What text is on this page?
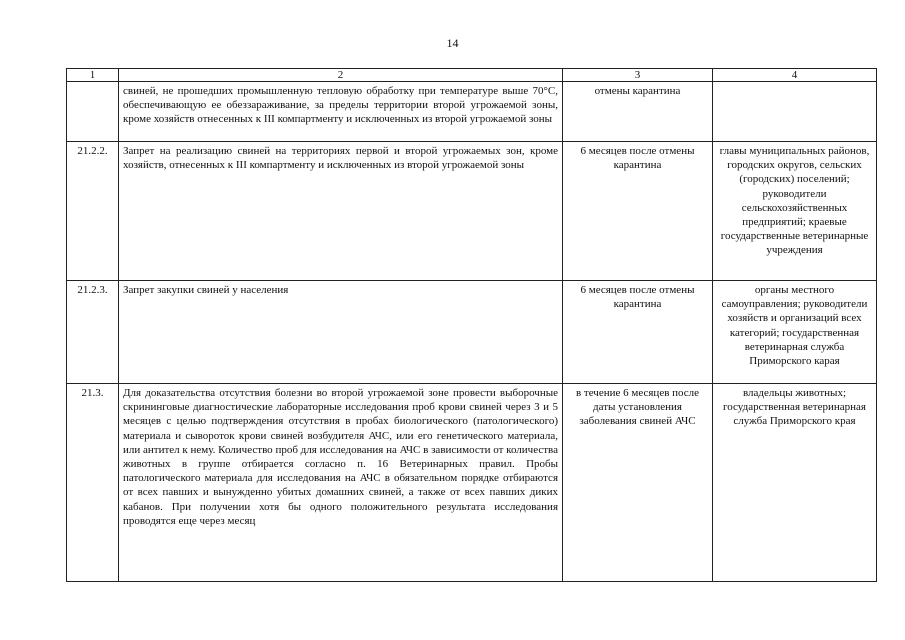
14
1	2	3	4
	свиней, не прошедших промышленную тепловую обработку при температуре выше 70°С, обеспечивающую ее обеззараживание, за пределы территории второй угрожаемой зоны, кроме хозяйств отнесенных к III компартменту и исключенных из второй угрожаемой зоны	отмены карантина	
21.2.2.	Запрет на реализацию свиней на территориях первой и второй угрожаемых зон, кроме хозяйств, отнесенных к III компартменту и исключенных из второй угрожаемой зоны	6 месяцев после отмены карантина	главы муниципальных районов, городских округов, сельских (городских) поселений; руководители сельскохозяйственных предприятий; краевые государственные ветеринарные учреждения
21.2.3.	Запрет закупки свиней у населения	6 месяцев после отмены карантина	органы местного самоуправления; руководители хозяйств и организаций всех категорий; государственная ветеринарная служба Приморского карая
21.3.	Для доказательства отсутствия болезни во второй угрожаемой зоне провести выборочные скрининговые диагностические лабораторные исследования проб крови свиней через 3 и 5 месяцев с целью подтверждения отсутствия в пробах биологического (патологического) материала и сывороток крови свиней возбудителя АЧС, или его генетического материала, или антител к нему. Количество проб для исследования на АЧС в зависимости от количества животных в группе отбирается согласно п. 16 Ветеринарных правил. Пробы патологического материала для исследования на АЧС в обязательном порядке отбираются от всех павших и вынужденно убитых домашних свиней, а также от всех павших диких кабанов. При получении хотя бы одного положительного результата исследования проводятся еще через месяц	в течение 6 месяцев после даты установления заболевания свиней АЧС	владельцы животных; государственная ветеринарная служба Приморского края
